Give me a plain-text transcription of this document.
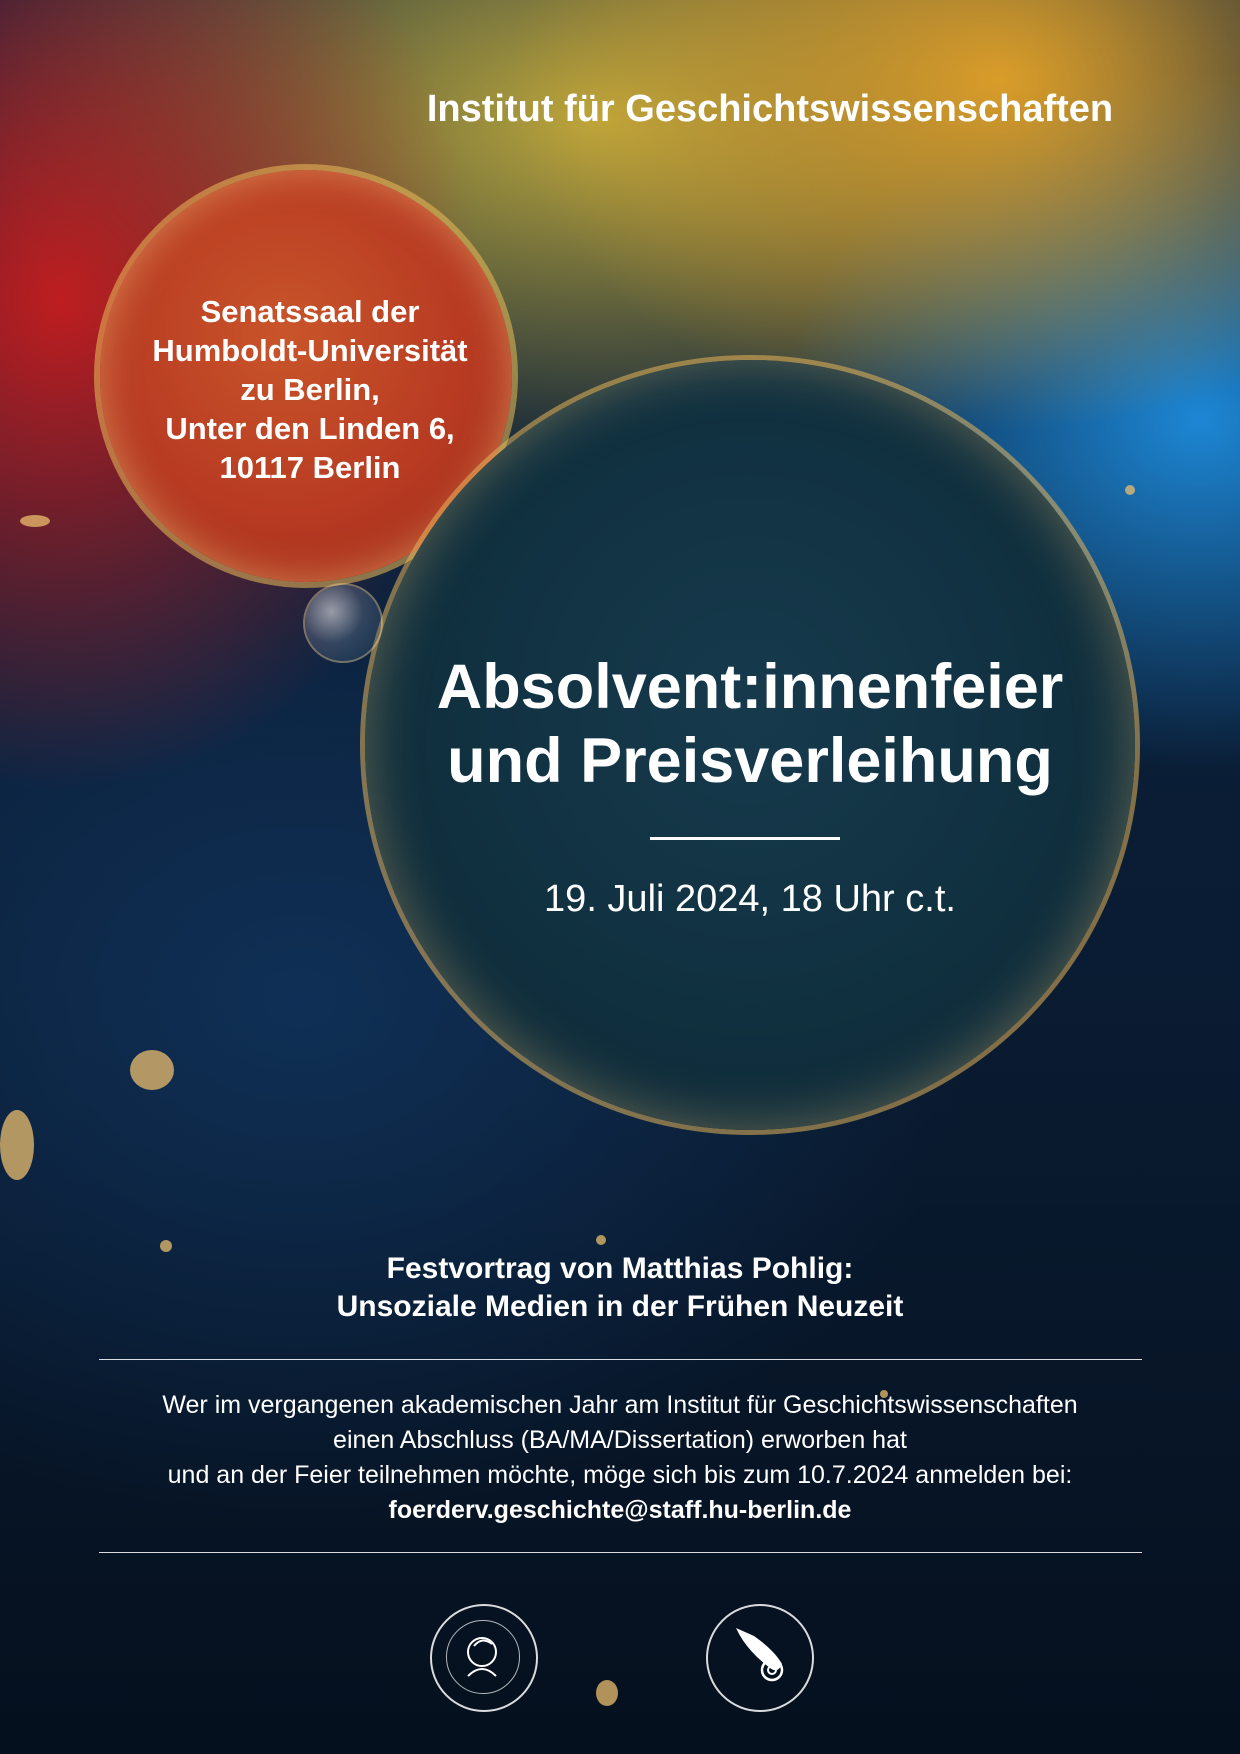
Institut für Geschichtswissenschaften
Senatssaal der
Humboldt-Universität
zu Berlin,
Unter den Linden 6,
10117 Berlin
Absolvent:innenfeier
und Preisverleihung
19. Juli 2024, 18 Uhr c.t.
Festvortrag von Matthias Pohlig:
Unsoziale Medien in der Frühen Neuzeit
Wer im vergangenen akademischen Jahr am Institut für Geschichtswissenschaften
einen Abschluss (BA/MA/Dissertation) erworben hat
und an der Feier teilnehmen möchte, möge sich bis zum 10.7.2024 anmelden bei:
foerderv.geschichte@staff.hu-berlin.de
